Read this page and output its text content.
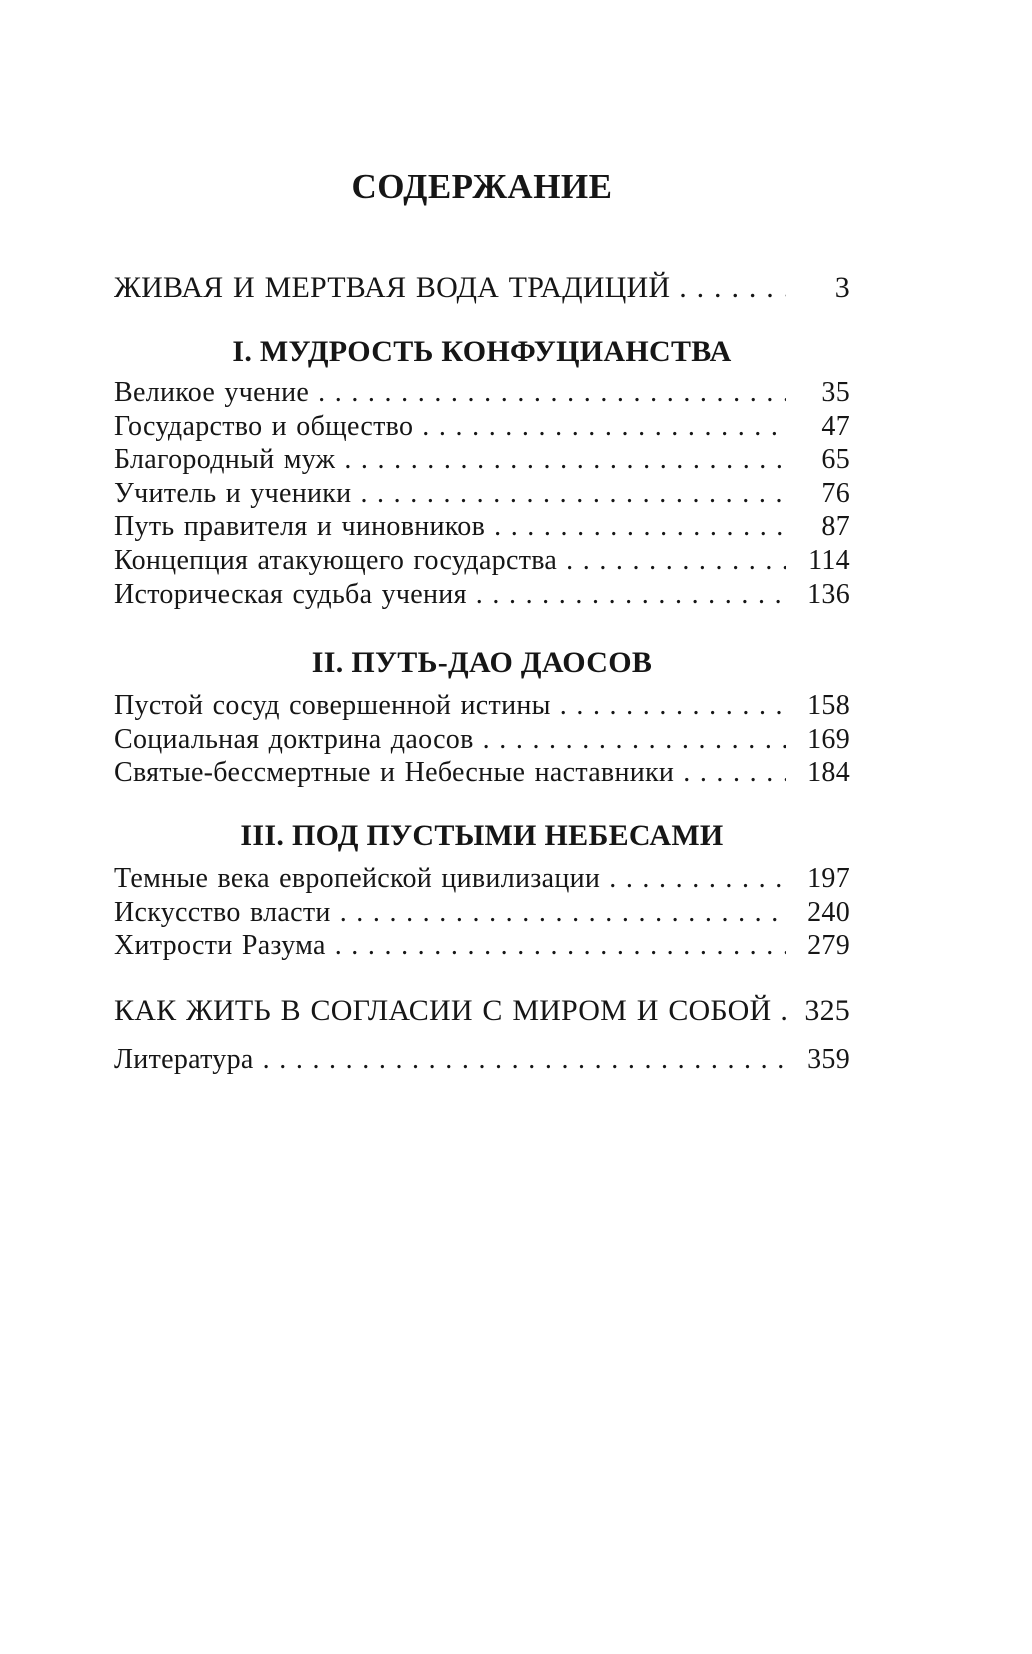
СОДЕРЖАНИЕ
ЖИВАЯ И МЕРТВАЯ ВОДА ТРАДИЦИЙ . . .	3
I. МУДРОСТЬ КОНФУЦИАНСТВА
Великое учение . . .	35
Государство и общество . . .	47
Благородный муж . . .	65
Учитель и ученики . . .	76
Путь правителя и чиновников . . .	87
Концепция атакующего государства . . .	114
Историческая судьба учения . . .	136
II. ПУТЬ-ДАО ДАОСОВ
Пустой сосуд совершенной истины . . .	158
Социальная доктрина даосов . . .	169
Святые-бессмертные и Небесные наставники . . .	184
III. ПОД ПУСТЫМИ НЕБЕСАМИ
Темные века европейской цивилизации . . .	197
Искусство власти . . .	240
Хитрости Разума . . .	279
КАК ЖИТЬ В СОГЛАСИИ С МИРОМ И СОБОЙ . . . 325
Литература . . .	359
